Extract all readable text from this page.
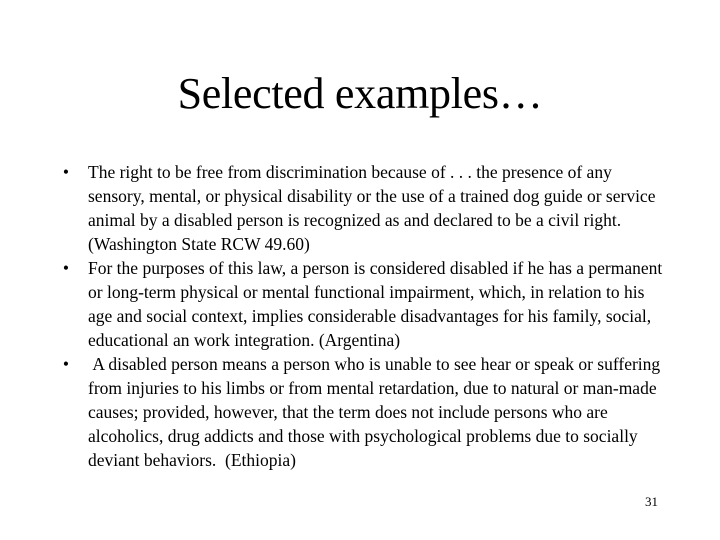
Selected examples…
•	The right to be free from discrimination because of . . . the presence of any sensory, mental, or physical disability or the use of a trained dog guide or service animal by a disabled person is recognized as and declared to be a civil right. (Washington State RCW 49.60)
•	For the purposes of this law, a person is considered disabled if he has a permanent or long-term physical or mental functional impairment, which, in relation to his age and social context, implies considerable disadvantages for his family, social, educational an work integration. (Argentina)
•	A disabled person means a person who is unable to see hear or speak or suffering from injuries to his limbs or from mental retardation, due to natural or man-made causes; provided, however, that the term does not include persons who are alcoholics, drug addicts and those with psychological problems due to socially deviant behaviors.  (Ethiopia)
31
